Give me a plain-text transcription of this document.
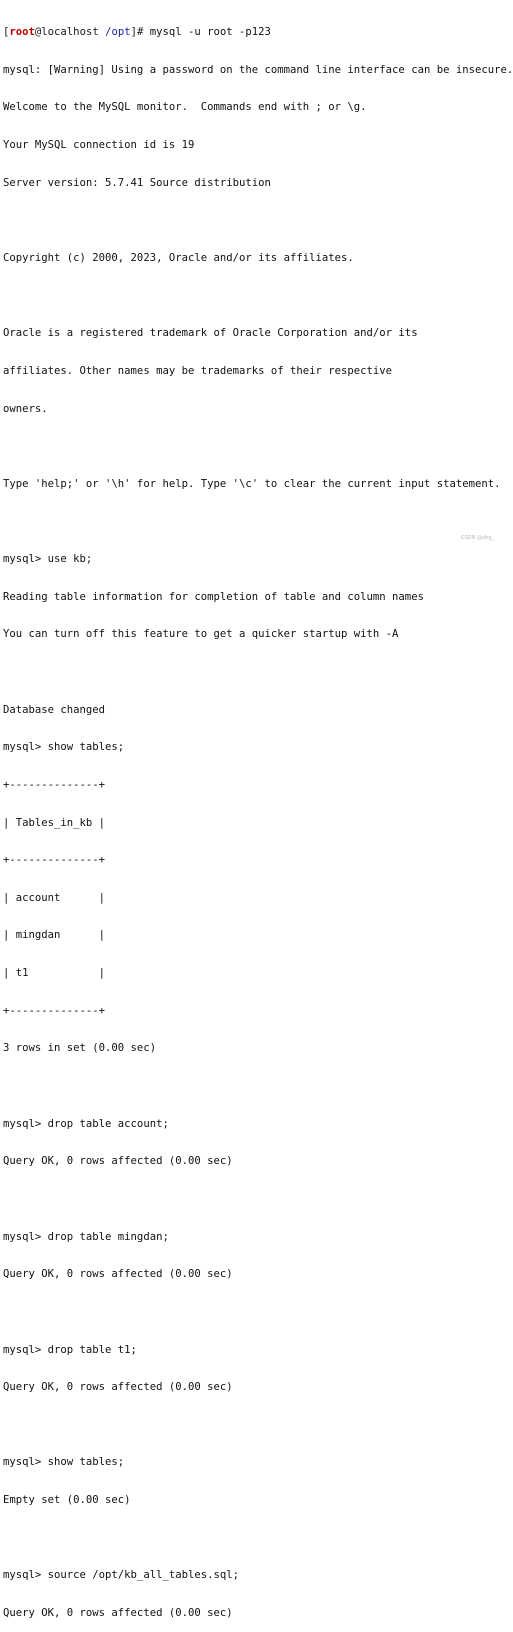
[root@localhost /opt]# mysql -u root -p123

mysql: [Warning] Using a password on the command line interface can be insecure.

Welcome to the MySQL monitor.  Commands end with ; or \g.

Your MySQL connection id is 19

Server version: 5.7.41 Source distribution

Copyright (c) 2000, 2023, Oracle and/or its affiliates.

Oracle is a registered trademark of Oracle Corporation and/or its

affiliates. Other names may be trademarks of their respective

owners.

Type 'help;' or '\h' for help. Type '\c' to clear the current input statement.

mysql> use kb;

Reading table information for completion of table and column names

You can turn off this feature to get a quicker startup with -A

Database changed

mysql> show tables;

+--------------+

| Tables_in_kb |

+--------------+

| account      |

| mingdan      |

| t1           |

+--------------+

3 rows in set (0.00 sec)

mysql> drop table account;

Query OK, 0 rows affected (0.00 sec)

mysql> drop table mingdan;

Query OK, 0 rows affected (0.00 sec)

mysql> drop table t1;

Query OK, 0 rows affected (0.00 sec)

mysql> show tables;

Empty set (0.00 sec)

mysql> source /opt/kb_all_tables.sql;

Query OK, 0 rows affected (0.00 sec)

CSDN @uhg_
